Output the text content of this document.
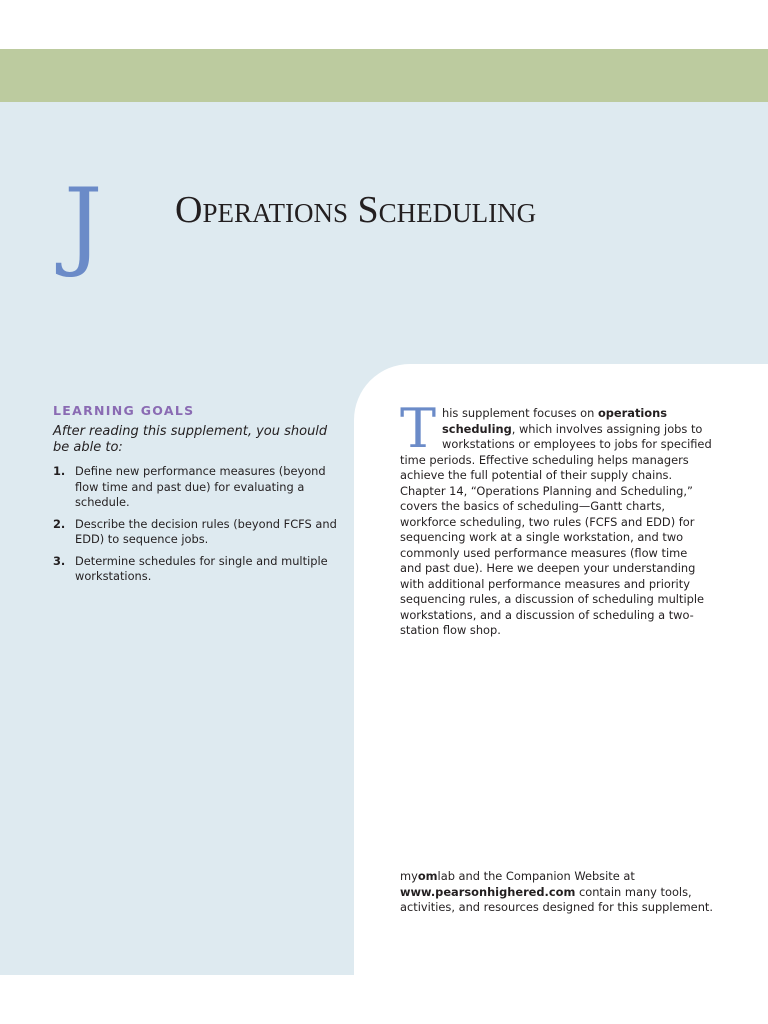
J Operations Scheduling
LEARNING GOALS

After reading this supplement, you should be able to:

1. Define new performance measures (beyond flow time and past due) for evaluating a schedule.
2. Describe the decision rules (beyond FCFS and EDD) to sequence jobs.
3. Determine schedules for single and multiple workstations.
T his supplement focuses on operations scheduling, which involves assigning jobs to workstations or employees to jobs for specified time periods. Effective scheduling helps managers achieve the full potential of their supply chains. Chapter 14, “Operations Planning and Scheduling,” covers the basics of scheduling—Gantt charts, workforce scheduling, two rules (FCFS and EDD) for sequencing work at a single workstation, and two commonly used performance measures (flow time and past due). Here we deepen your understanding with additional performance measures and priority sequencing rules, a discussion of scheduling multiple workstations, and a discussion of scheduling a two-station flow shop.

myomlab and the Companion Website at www.pearsonhighered.com contain many tools, activities, and resources designed for this supplement.
